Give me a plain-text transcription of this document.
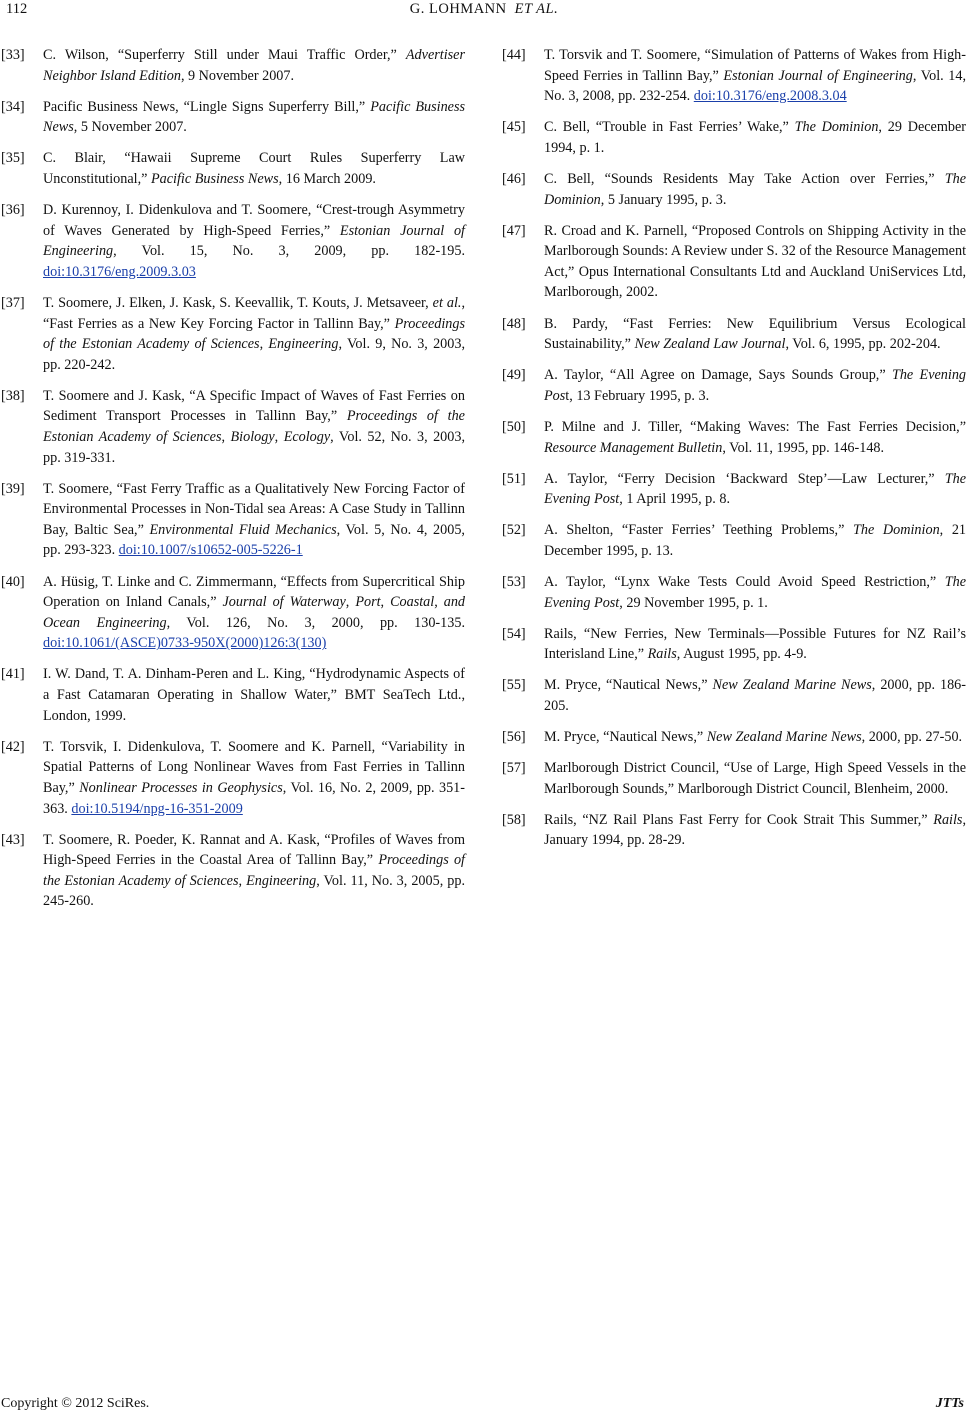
112	G. LOHMANN ET AL.
[33]	C. Wilson, “Superferry Still under Maui Traffic Order,” Advertiser Neighbor Island Edition, 9 November 2007.
[34]	Pacific Business News, “Lingle Signs Superferry Bill,” Pacific Business News, 5 November 2007.
[35]	C. Blair, “Hawaii Supreme Court Rules Superferry Law Unconstitutional,” Pacific Business News, 16 March 2009.
[36]	D. Kurennoy, I. Didenkulova and T. Soomere, “Crest-trough Asymmetry of Waves Generated by High-Speed Ferries,” Estonian Journal of Engineering, Vol. 15, No. 3, 2009, pp. 182-195. doi:10.3176/eng.2009.3.03
[37]	T. Soomere, J. Elken, J. Kask, S. Keevallik, T. Kouts, J. Metsaveer, et al., “Fast Ferries as a New Key Forcing Factor in Tallinn Bay,” Proceedings of the Estonian Academy of Sciences, Engineering, Vol. 9, No. 3, 2003, pp. 220-242.
[38]	T. Soomere and J. Kask, “A Specific Impact of Waves of Fast Ferries on Sediment Transport Processes in Tallinn Bay,” Proceedings of the Estonian Academy of Sciences, Biology, Ecology, Vol. 52, No. 3, 2003, pp. 319-331.
[39]	T. Soomere, “Fast Ferry Traffic as a Qualitatively New Forcing Factor of Environmental Processes in Non-Tidal sea Areas: A Case Study in Tallinn Bay, Baltic Sea,” Environmental Fluid Mechanics, Vol. 5, No. 4, 2005, pp. 293-323. doi:10.1007/s10652-005-5226-1
[40]	A. Hüsig, T. Linke and C. Zimmermann, “Effects from Supercritical Ship Operation on Inland Canals,” Journal of Waterway, Port, Coastal, and Ocean Engineering, Vol. 126, No. 3, 2000, pp. 130-135. doi:10.1061/(ASCE)0733-950X(2000)126:3(130)
[41]	I. W. Dand, T. A. Dinham-Peren and L. King, “Hydrodynamic Aspects of a Fast Catamaran Operating in Shallow Water,” BMT SeaTech Ltd., London, 1999.
[42]	T. Torsvik, I. Didenkulova, T. Soomere and K. Parnell, “Variability in Spatial Patterns of Long Nonlinear Waves from Fast Ferries in Tallinn Bay,” Nonlinear Processes in Geophysics, Vol. 16, No. 2, 2009, pp. 351-363. doi:10.5194/npg-16-351-2009
[43]	T. Soomere, R. Poeder, K. Rannat and A. Kask, “Profiles of Waves from High-Speed Ferries in the Coastal Area of Tallinn Bay,” Proceedings of the Estonian Academy of Sciences, Engineering, Vol. 11, No. 3, 2005, pp. 245-260.
[44]	T. Torsvik and T. Soomere, “Simulation of Patterns of Wakes from High-Speed Ferries in Tallinn Bay,” Estonian Journal of Engineering, Vol. 14, No. 3, 2008, pp. 232-254. doi:10.3176/eng.2008.3.04
[45]	C. Bell, “Trouble in Fast Ferries’ Wake,” The Dominion, 29 December 1994, p. 1.
[46]	C. Bell, “Sounds Residents May Take Action over Ferries,” The Dominion, 5 January 1995, p. 3.
[47]	R. Croad and K. Parnell, “Proposed Controls on Shipping Activity in the Marlborough Sounds: A Review under S. 32 of the Resource Management Act,” Opus International Consultants Ltd and Auckland UniServices Ltd, Marlborough, 2002.
[48]	B. Pardy, “Fast Ferries: New Equilibrium Versus Ecological Sustainability,” New Zealand Law Journal, Vol. 6, 1995, pp. 202-204.
[49]	A. Taylor, “All Agree on Damage, Says Sounds Group,” The Evening Post, 13 February 1995, p. 3.
[50]	P. Milne and J. Tiller, “Making Waves: The Fast Ferries Decision,” Resource Management Bulletin, Vol. 11, 1995, pp. 146-148.
[51]	A. Taylor, “Ferry Decision ‘Backward Step’—Law Lecturer,” The Evening Post, 1 April 1995, p. 8.
[52]	A. Shelton, “Faster Ferries’ Teething Problems,” The Dominion, 21 December 1995, p. 13.
[53]	A. Taylor, “Lynx Wake Tests Could Avoid Speed Restriction,” The Evening Post, 29 November 1995, p. 1.
[54]	Rails, “New Ferries, New Terminals—Possible Futures for NZ Rail’s Interisland Line,” Rails, August 1995, pp. 4-9.
[55]	M. Pryce, “Nautical News,” New Zealand Marine News, 2000, pp. 186-205.
[56]	M. Pryce, “Nautical News,” New Zealand Marine News, 2000, pp. 27-50.
[57]	Marlborough District Council, “Use of Large, High Speed Vessels in the Marlborough Sounds,” Marlborough District Council, Blenheim, 2000.
[58]	Rails, “NZ Rail Plans Fast Ferry for Cook Strait This Summer,” Rails, January 1994, pp. 28-29.
Copyright © 2012 SciRes.	JTTs
